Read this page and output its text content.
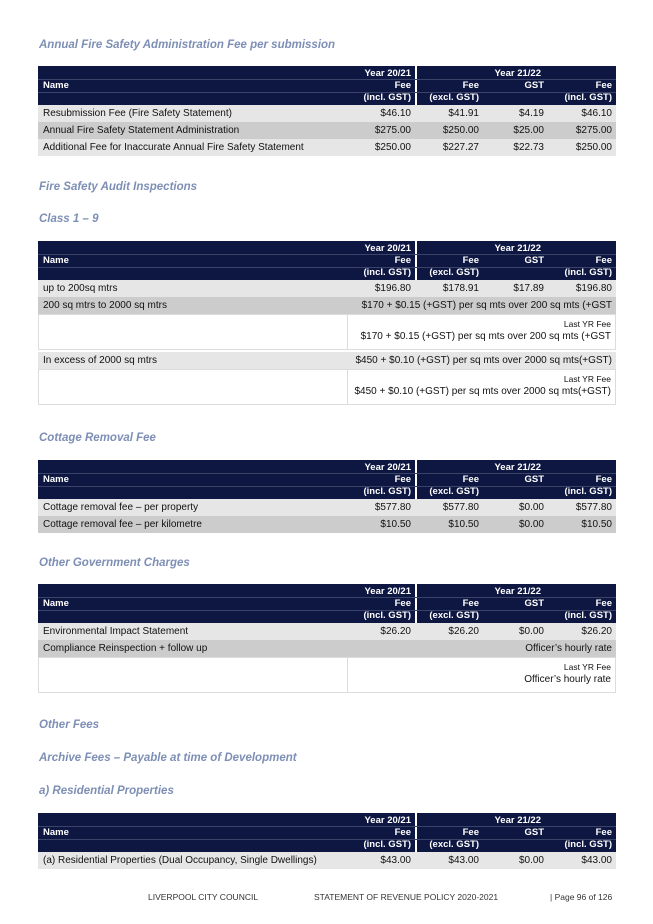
Annual Fire Safety Administration Fee per submission
Name
Year 20/21	Year 21/22
Fee
(incl. GST)
Fee
(excl. GST)
GST	Fee
(incl. GST)
Resubmission Fee (Fire Safety Statement)	$46.10	$41.91	$4.19	$46.10
Annual Fire Safety Statement Administration	$275.00	$250.00	$25.00	$275.00
Additional Fee for Inaccurate Annual Fire Safety Statement	$250.00	$227.27	$22.73	$250.00
Fire Safety Audit Inspections
Class 1 – 9
Name
Year 20/21	Year 21/22
Fee
(incl. GST)
Fee
(excl. GST)
GST	Fee
(incl. GST)
up to 200sq mtrs	$196.80	$178.91	$17.89	$196.80
200 sq mtrs to 2000 sq mtrs	$170 + $0.15 (+GST) per sq mts over 200 sq mts (+GST
Last YR Fee
$170 + $0.15 (+GST) per sq mts over 200 sq mts (+GST
In excess of 2000 sq mtrs	$450 + $0.10 (+GST) per sq mts over 2000 sq mts(+GST)
Last YR Fee
$450 + $0.10 (+GST) per sq mts over 2000 sq mts(+GST)
Cottage Removal Fee
Name
Year 20/21	Year 21/22
Fee
(incl. GST)
Fee
(excl. GST)
GST	Fee
(incl. GST)
Cottage removal fee – per property	$577.80	$577.80	$0.00	$577.80
Cottage removal fee – per kilometre	$10.50	$10.50	$0.00	$10.50
Other Government Charges
Name
Year 20/21	Year 21/22
Fee
(incl. GST)
Fee
(excl. GST)
GST	Fee
(incl. GST)
Environmental Impact Statement	$26.20	$26.20	$0.00	$26.20
Compliance Reinspection + follow up	Officer’s hourly rate
Last YR Fee
Officer’s hourly rate
Other Fees
Archive Fees – Payable at time of Development
a) Residential Properties
Name
Year 20/21	Year 21/22
Fee
(incl. GST)
Fee
(excl. GST)
GST	Fee
(incl. GST)
(a) Residential Properties (Dual Occupancy, Single Dwellings)	$43.00	$43.00	$0.00	$43.00
LIVERPOOL CITY COUNCIL	STATEMENT OF REVENUE POLICY 2020-2021	| Page 96 of 126
